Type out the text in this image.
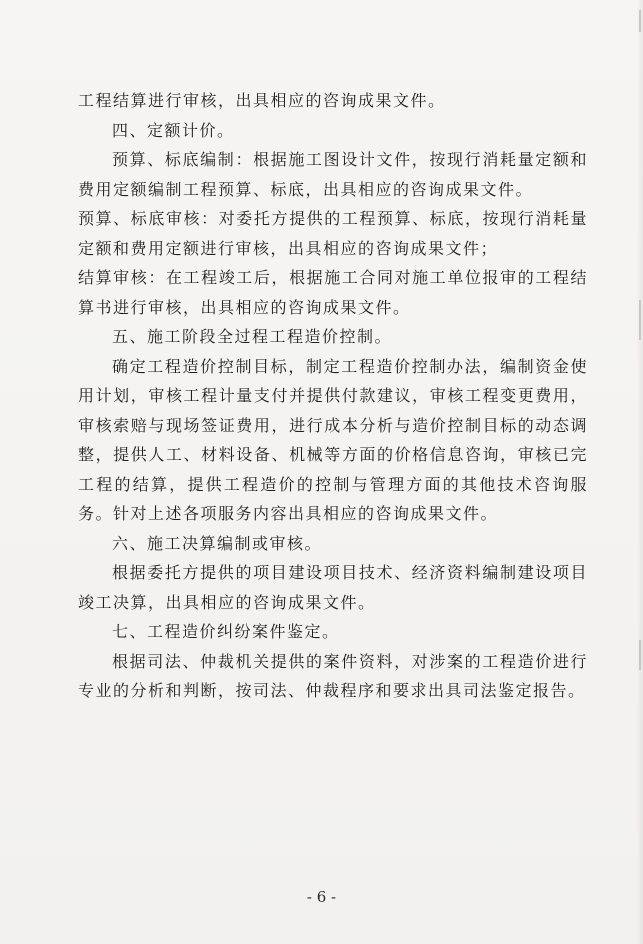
工程结算进行审核，出具相应的咨询成果文件。

四、定额计价。

预算、标底编制：根据施工图设计文件，按现行消耗量定额和费用定额编制工程预算、标底，出具相应的咨询成果文件。

预算、标底审核：对委托方提供的工程预算、标底，按现行消耗量定额和费用定额进行审核，出具相应的咨询成果文件；

结算审核：在工程竣工后，根据施工合同对施工单位报审的工程结算书进行审核，出具相应的咨询成果文件。

五、施工阶段全过程工程造价控制。

确定工程造价控制目标，制定工程造价控制办法，编制资金使用计划，审核工程计量支付并提供付款建议，审核工程变更费用，审核索赔与现场签证费用，进行成本分析与造价控制目标的动态调整，提供人工、材料设备、机械等方面的价格信息咨询，审核已完工程的结算，提供工程造价的控制与管理方面的其他技术咨询服务。针对上述各项服务内容出具相应的咨询成果文件。

六、施工决算编制或审核。

根据委托方提供的项目建设项目技术、经济资料编制建设项目竣工决算，出具相应的咨询成果文件。

七、工程造价纠纷案件鉴定。

根据司法、仲裁机关提供的案件资料，对涉案的工程造价进行专业的分析和判断，按司法、仲裁程序和要求出具司法鉴定报告。

- 6 -
